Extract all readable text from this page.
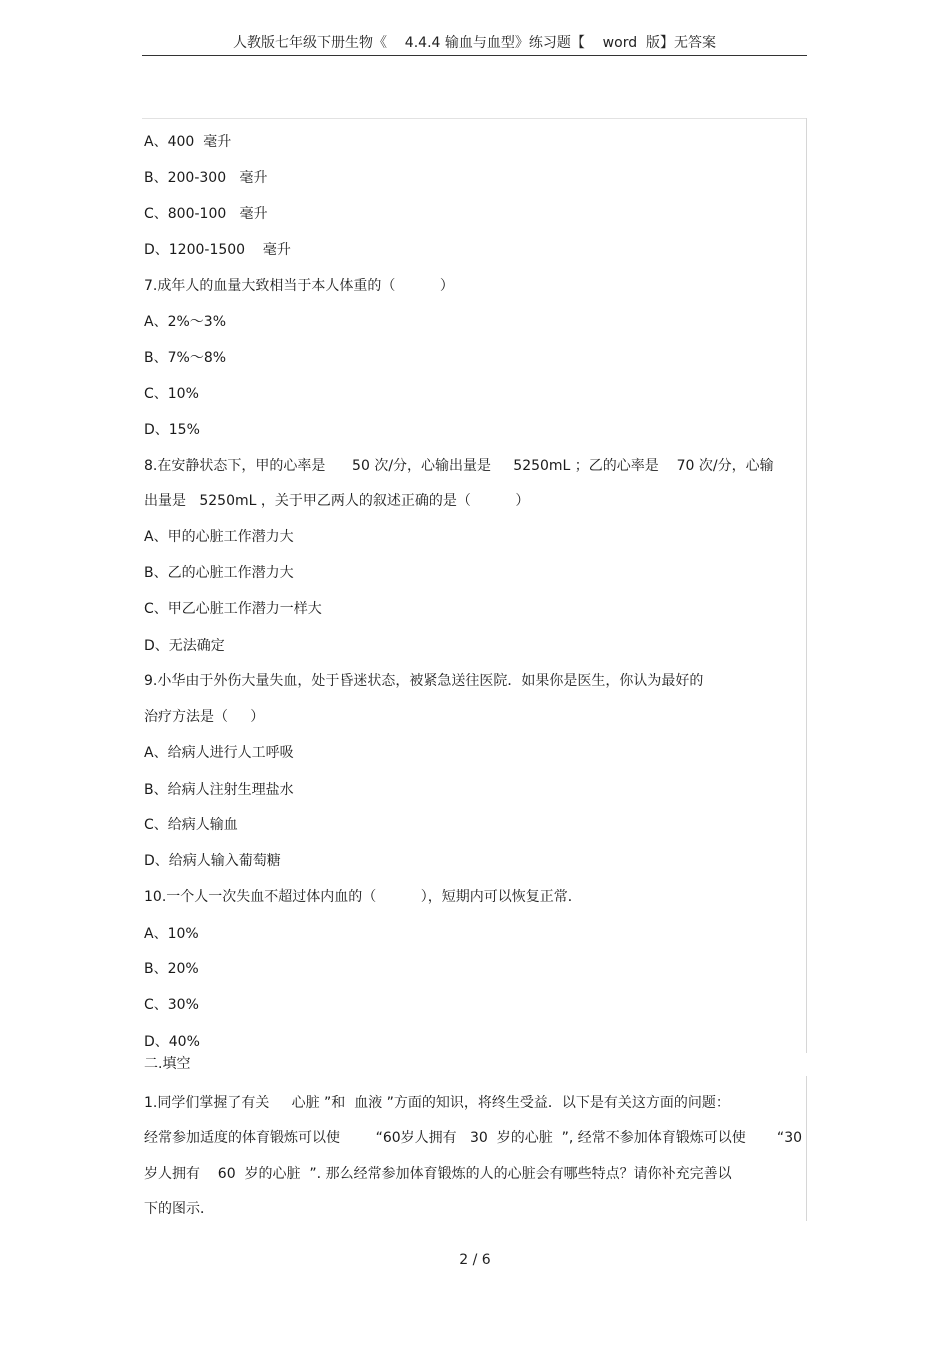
人教版七年级下册生物《    4.4.4 输血与血型》练习题【    word  版】无答案
A、400  毫升
B、200-300   毫升
C、800-100   毫升
D、1200-1500    毫升
7.成年人的血量大致相当于本人体重的（          ）
A、2%～3%
B、7%～8%
C、10%
D、15%
8.在安静状态下，甲的心率是      50 次/分，心输出量是     5250mL ；乙的心率是    70 次/分，心输
出量是   5250mL ，关于甲乙两人的叙述正确的是（          ）
A、甲的心脏工作潜力大
B、乙的心脏工作潜力大
C、甲乙心脏工作潜力一样大
D、无法确定
9.小华由于外伤大量失血，处于昏迷状态，被紧急送往医院．如果你是医生，你认为最好的
治疗方法是（     ）
A、给病人进行人工呼吸
B、给病人注射生理盐水
C、给病人输血
D、给病人输入葡萄糖
10.一个人一次失血不超过体内血的（          ），短期内可以恢复正常．
A、10%
B、20%
C、30%
D、40%
二.填空
1.同学们掌握了有关     心脏 ”和  血液 ”方面的知识，将终生受益．以下是有关这方面的问题：
经常参加适度的体育锻炼可以使        “60岁人拥有   30  岁的心脏  ”, 经常不参加体育锻炼可以使       “30
岁人拥有    60  岁的心脏  ”. 那么经常参加体育锻炼的人的心脏会有哪些特点？请你补充完善以
下的图示．
2 / 6
